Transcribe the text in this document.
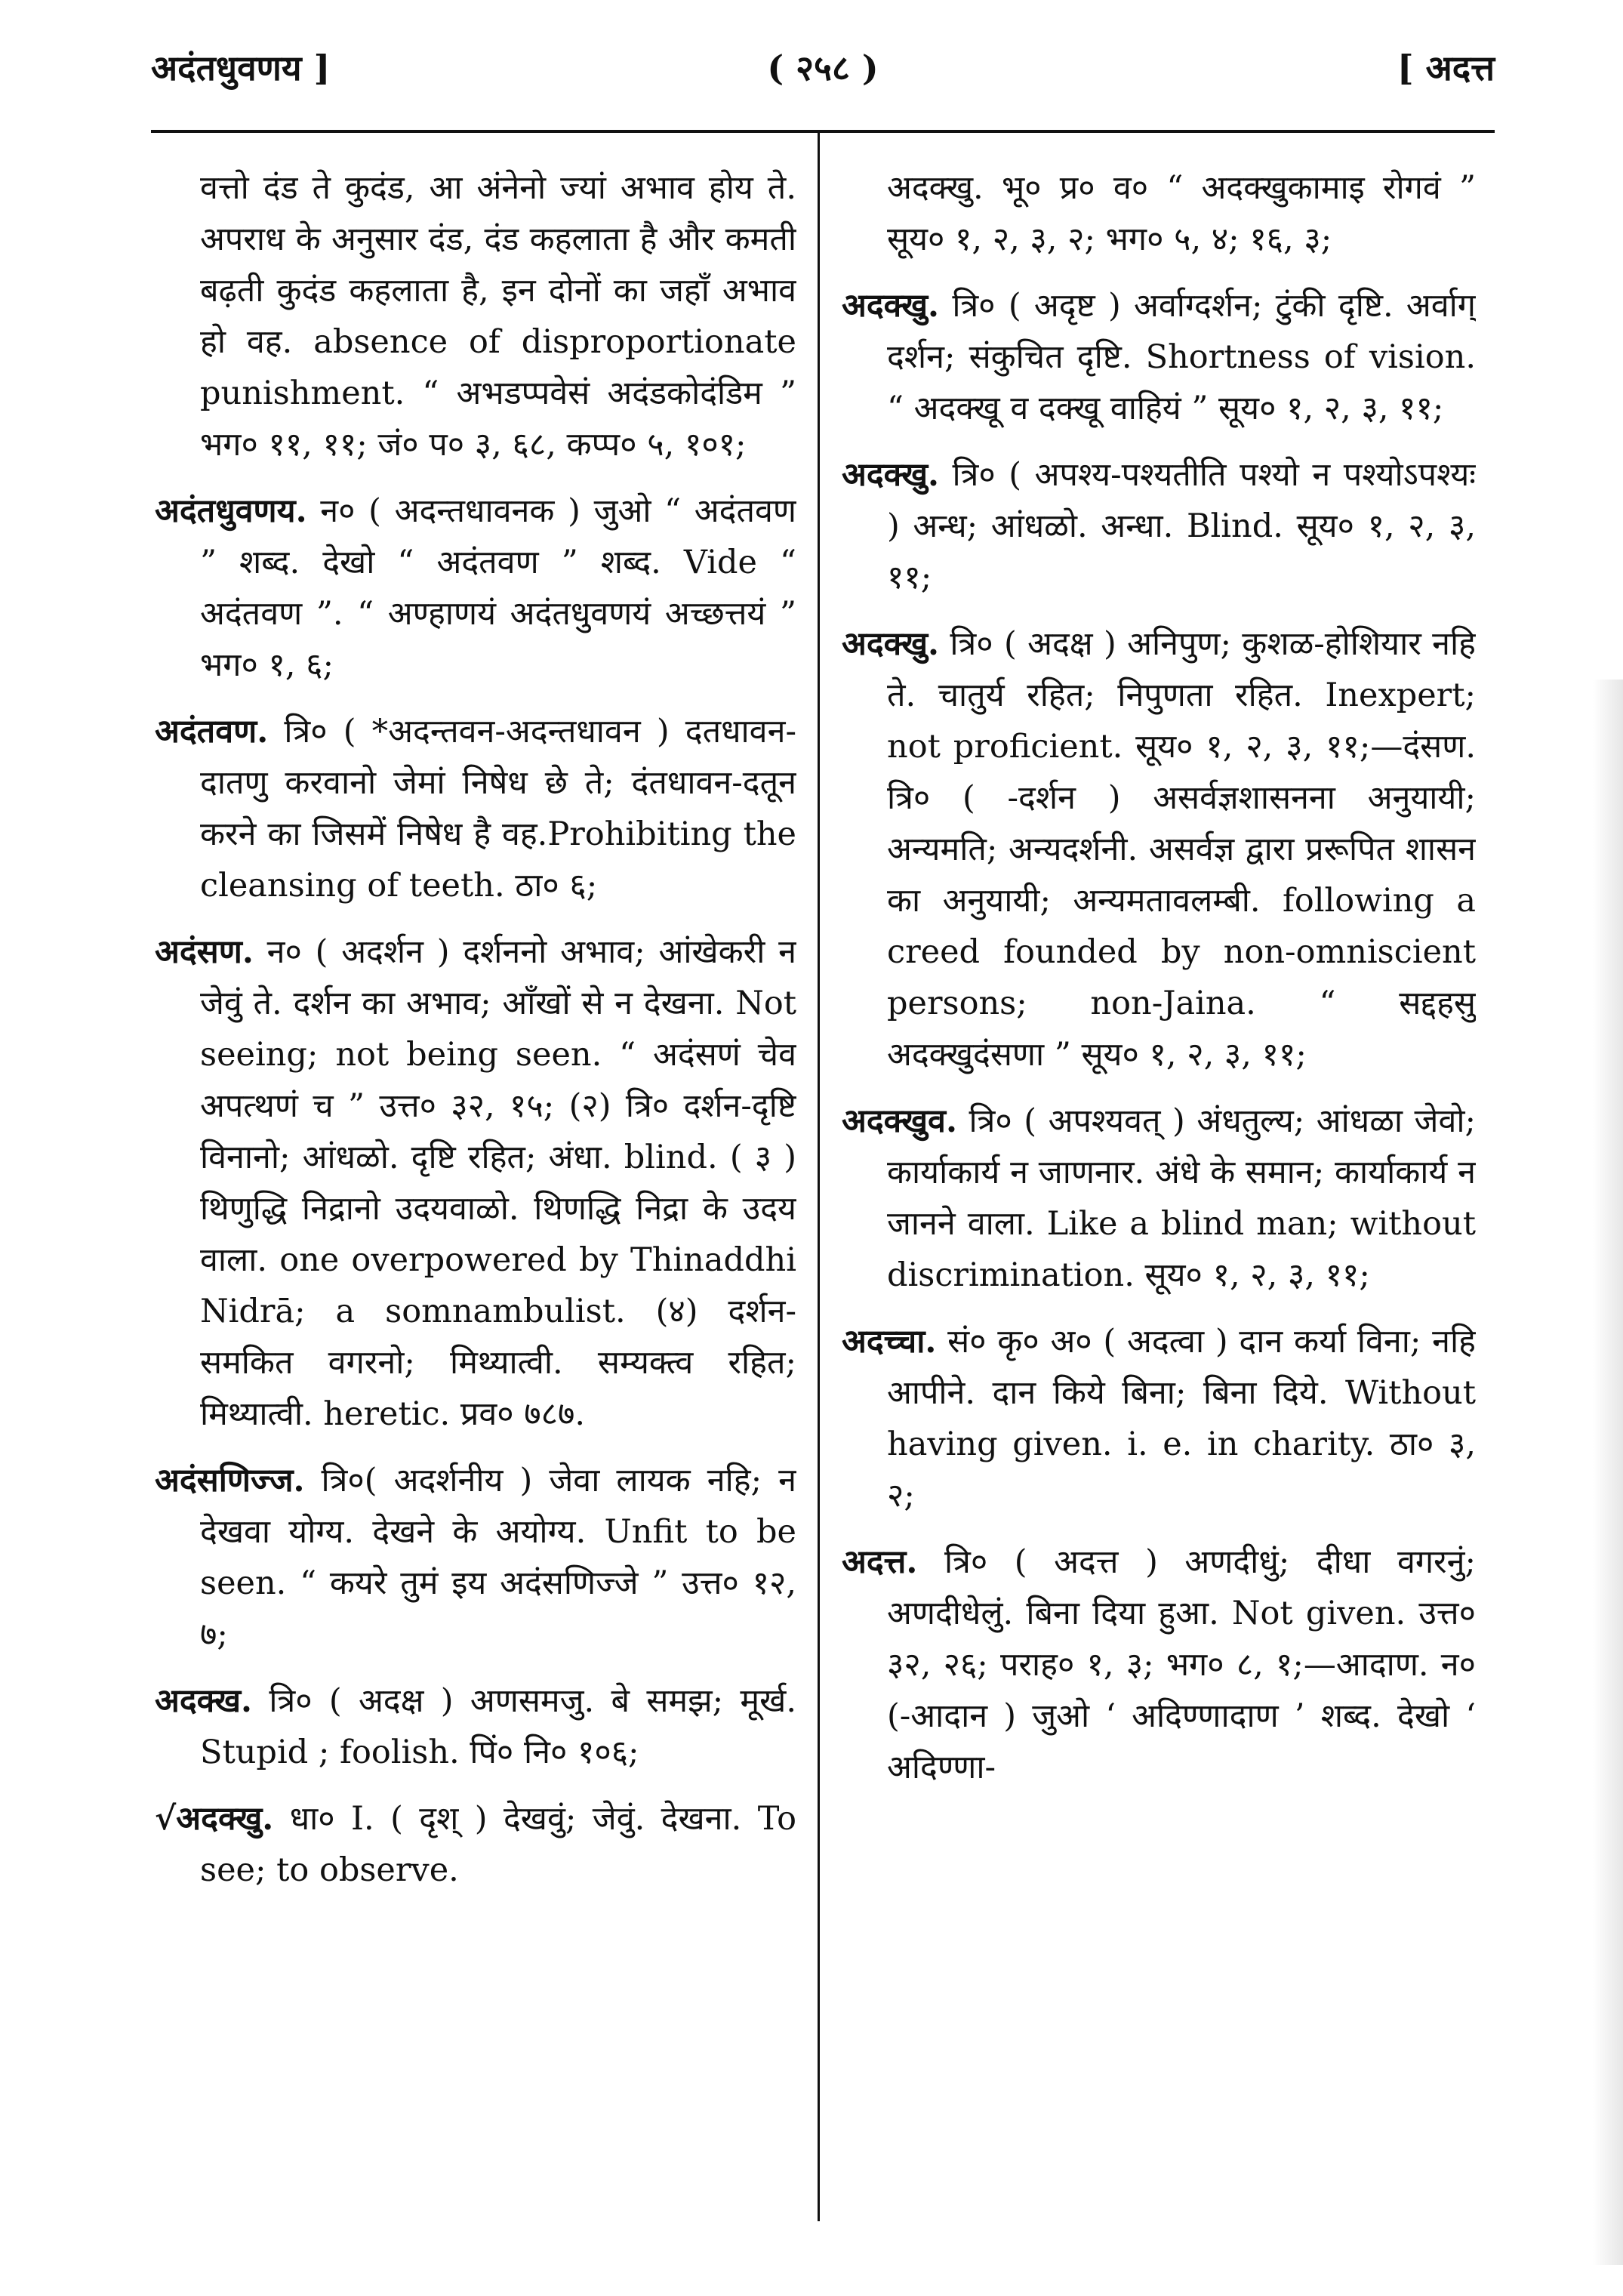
अदंतधुवणय ]	( २५८ )	[ अदत्त

वत्तो दंड ते कुदंड, आ अंनेनो ज्यां अभाव होय ते. अपराध के अनुसार दंड, दंड कहलाता है और कमती बढ़ती कुदंड कहलाता है, इन दोनों का जहाँ अभाव हो वह. absence of disproportionate punishment. “ अभडप्पवेसं अदंडकोदंडिम ” भग० ११, ११; जं० प० ३, ६८, कप्प० ५, १०१;

अदंतधुवणय. न० ( अदन्तधावनक ) जुओ “ अदंतवण ” शब्द. देखो “ अदंतवण ” शब्द. Vide “ अदंतवण ”. “ अण्हाणयं अदंतधुवणयं अच्छत्तयं ” भग० १, ६;

अदंतवण. त्रि० ( *अदन्तवन-अदन्तधावन ) दतधावन-दातणु करवानो जेमां निषेध छे ते; दंतधावन-दतून करने का जिसमें निषेध है वह.Prohibiting the cleansing of teeth. ठा० ६;

अदंसण. न० ( अदर्शन ) दर्शननो अभाव; आंखेकरी न जेवुं ते. दर्शन का अभाव; आँखों से न देखना. Not seeing; not being seen. “ अदंसणं चेव अपत्थणं च ” उत्त० ३२, १५; (२) त्रि० दर्शन-दृष्टि विनानो; आंधळो. दृष्टि रहित; अंधा. blind. ( ३ ) थिणुद्धि निद्रानो उदयवाळो. थिणद्धि निद्रा के उदय वाला. one overpowered by Thinaddhi Nidrā; a somnambulist. (४) दर्शन-समकित वगरनो; मिथ्यात्वी. सम्यक्त्व रहित; मिथ्यात्वी. heretic. प्रव० ७८७.

अदंसणिज्ज. त्रि०( अदर्शनीय ) जेवा लायक नहि; न देखवा योग्य. देखने के अयोग्य. Unfit to be seen. “ कयरे तुमं इय अदंसणिज्जे ” उत्त० १२, ७;

अदक्ख. त्रि० ( अदक्ष ) अणसमजु. बे समझ; मूर्ख. Stupid ; foolish. पिं० नि० १०६;

√अदक्खु. धा० I. ( दृश् ) देखवुं; जेवुं. देखना. To see; to observe.

अदक्खु. भू० प्र० व० “ अदक्खुकामाइ रोगवं ” सूय० १, २, ३, २; भग० ५, ४; १६, ३;

अदक्खु. त्रि० ( अदृष्ट ) अर्वाग्दर्शन; टुंकी दृष्टि. अर्वाग् दर्शन; संकुचित दृष्टि. Shortness of vision. “ अदक्खू व दक्खू वाहियं ” सूय० १, २, ३, ११;

अदक्खु. त्रि० ( अपश्य-पश्यतीति पश्यो न पश्योऽपश्यः ) अन्ध; आंधळो. अन्धा. Blind. सूय० १, २, ३, ११;

अदक्खु. त्रि० ( अदक्ष ) अनिपुण; कुशळ-होशियार नहि ते. चातुर्य रहित; निपुणता रहित. Inexpert; not proficient. सूय० १, २, ३, ११;—दंसण. त्रि० ( -दर्शन ) असर्वज्ञशासनना अनुयायी; अन्यमति; अन्यदर्शनी. असर्वज्ञ द्वारा प्ररूपित शासन का अनुयायी; अन्यमतावलम्बी. following a creed founded by non-omniscient persons; non-Jaina. “ सद्दहसु अदक्खुदंसणा ” सूय० १, २, ३, ११;

अदक्खुव. त्रि० ( अपश्यवत् ) अंधतुल्य; आंधळा जेवो; कार्याकार्य न जाणनार. अंधे के समान; कार्याकार्य न जानने वाला. Like a blind man; without discrimination. सूय० १, २, ३, ११;

अदच्चा. सं० कृ० अ० ( अदत्वा ) दान कर्या विना; नहि आपीने. दान किये बिना; बिना दिये. Without having given. i. e. in charity. ठा० ३, २;

अदत्त. त्रि० ( अदत्त ) अणदीधुं; दीधा वगरनुं; अणदीधेलुं. बिना दिया हुआ. Not given. उत्त० ३२, २६; पराह० १, ३; भग० ८, १;—आदाण. न० (-आदान ) जुओ ‘ अदिण्णादाण ’ शब्द. देखो ‘ अदिण्णा-
